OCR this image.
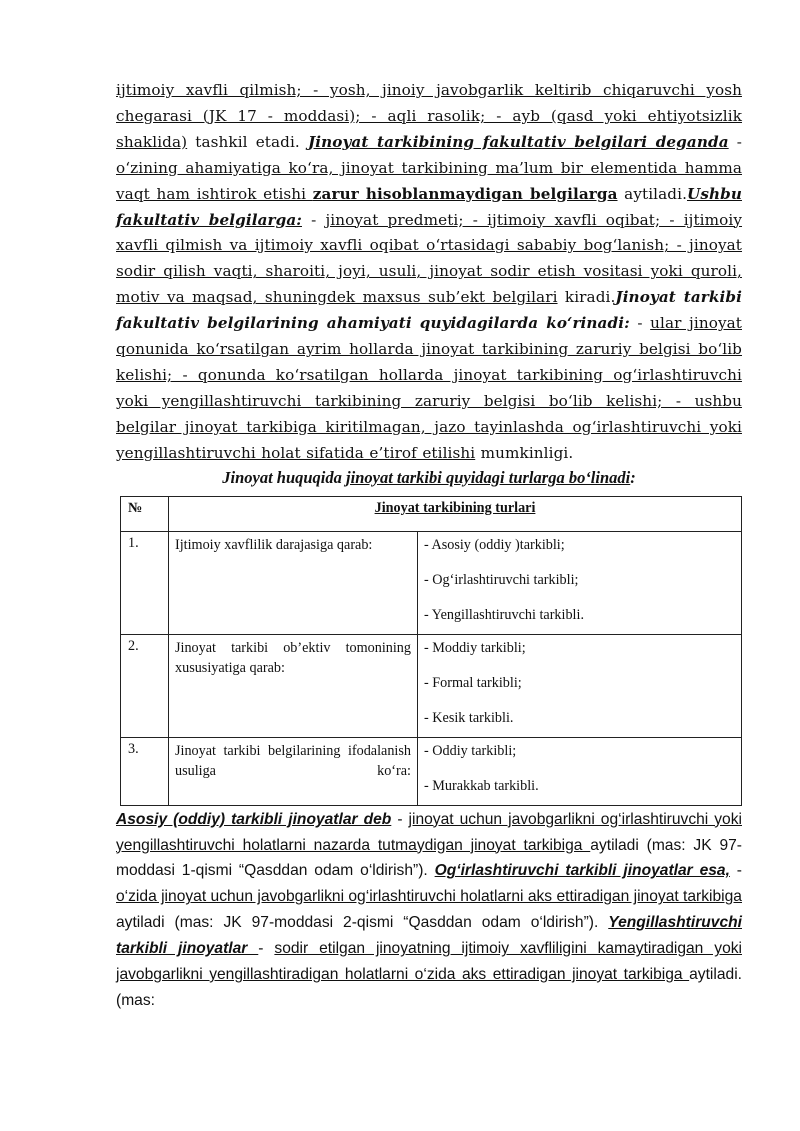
ijtimoiy xavfli qilmish; - yosh, jinoiy javobgarlik keltirib chiqaruvchi yosh chegarasi (JK 17 - moddasi); - aqli rasolik; - ayb (qasd yoki ehtiyotsizlik shaklida) tashkil etadi. Jinoyat tarkibining fakultativ belgilari deganda - o‘zining ahamiyatiga ko‘ra, jinoyat tarkibining ma’lum bir elementida hamma vaqt ham ishtirok etishi zarur hisoblanmaydigan belgilarga aytiladi.Ushbu fakultativ belgilarga: - jinoyat predmeti; - ijtimoiy xavfli oqibat; - ijtimoiy xavfli qilmish va ijtimoiy xavfli oqibat o‘rtasidagi sababiy bog‘lanish; - jinoyat sodir qilish vaqti, sharoiti, joyi, usuli, jinoyat sodir etish vositasi yoki quroli, motiv va maqsad, shuningdek maxsus sub’ekt belgilari kiradi.Jinoyat tarkibi fakultativ belgilarining ahamiyati quyidagilarda ko‘rinadi: - ular jinoyat qonunida ko‘rsatilgan ayrim hollarda jinoyat tarkibining zaruriy belgisi bo‘lib kelishi; - qonunda ko‘rsatilgan hollarda jinoyat tarkibining og‘irlashtiruvchi yoki yengillashtiruvchi tarkibining zaruriy belgisi bo‘lib kelishi; - ushbu belgilar jinoyat tarkibiga kiritilmagan, jazo tayinlashda og‘irlashtiruvchi yoki yengillashtiruvchi holat sifatida e’tirof etilishi mumkinligi.

Jinoyat huquqida jinoyat tarkibi quyidagi turlarga bo‘linadi:

№	Jinoyat tarkibining turlari	
1.	Ijtimoiy xavflilik darajasiga qarab:	- Asosiy (oddiy )tarkibli;
- Og‘irlashtiruvchi tarkibli;
- Yengillashtiruvchi tarkibli.

2.	Jinoyat tarkibi ob’ektiv tomonining xususiyatiga qarab:	- Moddiy tarkibli;
- Formal tarkibli;
- Kesik tarkibli.

3.	Jinoyat tarkibi belgilarining ifodalanish usuliga ko‘ra:	- Oddiy tarkibli;
- Murakkab tarkibli.

Asosiy (oddiy) tarkibli jinoyatlar deb - jinoyat uchun javobgarlikni og‘irlashtiruvchi yoki yengillashtiruvchi holatlarni nazarda tutmaydigan jinoyat tarkibiga aytiladi (mas: JK 97-moddasi 1-qismi “Qasddan odam o‘ldirish”). Og‘irlashtiruvchi tarkibli jinoyatlar esa, - o‘zida jinoyat uchun javobgarlikni og‘irlashtiruvchi holatlarni aks ettiradigan jinoyat tarkibiga aytiladi (mas: JK 97-moddasi 2-qismi “Qasddan odam o‘ldirish”). Yengillashtiruvchi tarkibli jinoyatlar - sodir etilgan jinoyatning ijtimoiy xavfliligini kamaytiradigan yoki javobgarlikni yengillashtiradigan holatlarni o‘zida aks ettiradigan jinoyat tarkibiga aytiladi. (mas:
